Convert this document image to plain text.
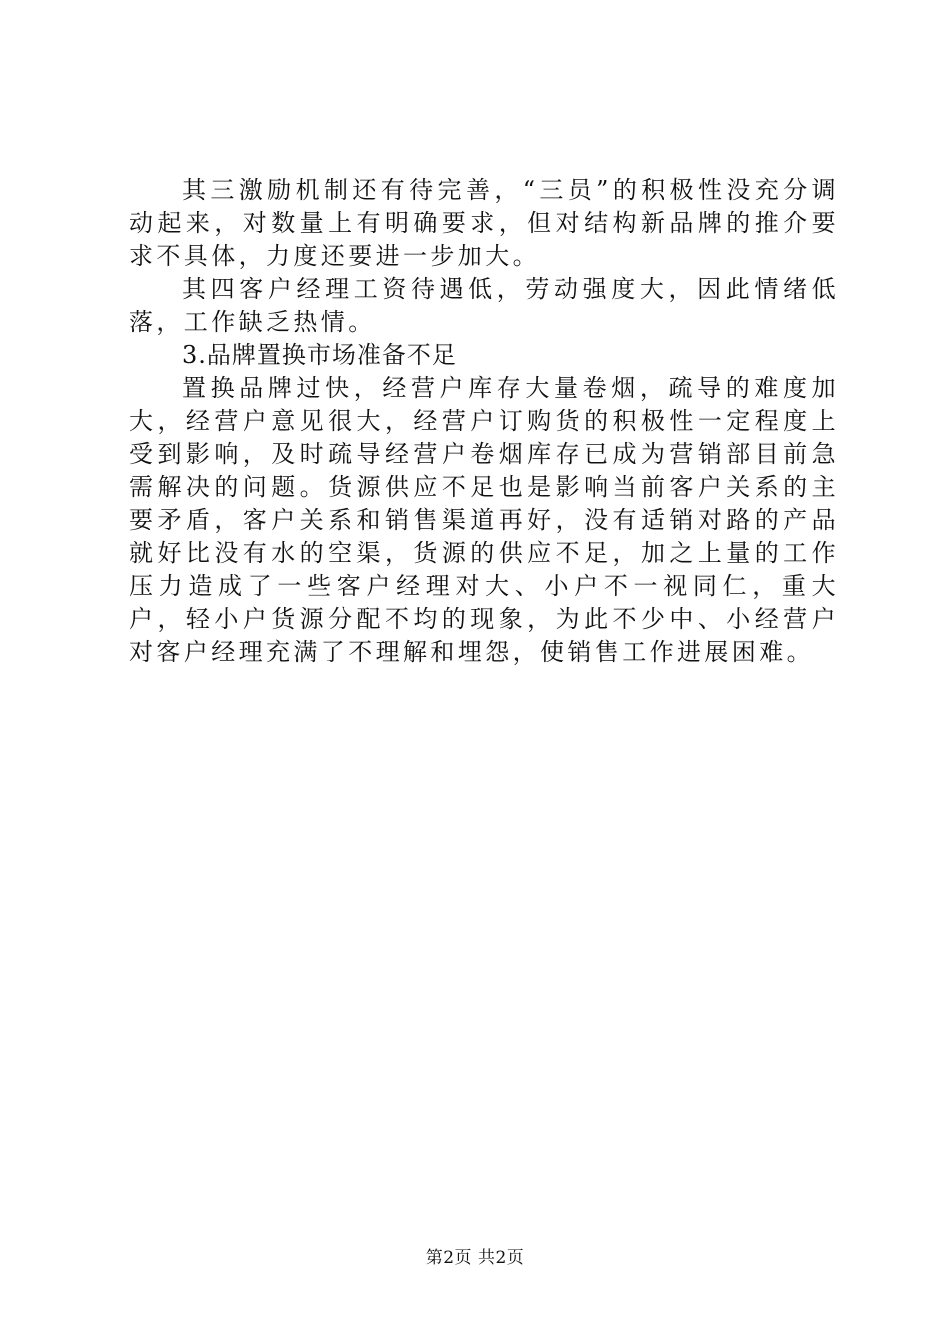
其三激励机制还有待完善，“三员”的积极性没充分调动起来，对数量上有明确要求，但对结构新品牌的推介要求不具体，力度还要进一步加大。

其四客户经理工资待遇低，劳动强度大，因此情绪低落，工作缺乏热情。

3.品牌置换市场准备不足

置换品牌过快，经营户库存大量卷烟，疏导的难度加大，经营户意见很大，经营户订购货的积极性一定程度上受到影响，及时疏导经营户卷烟库存已成为营销部目前急需解决的问题。货源供应不足也是影响当前客户关系的主要矛盾，客户关系和销售渠道再好，没有适销对路的产品就好比没有水的空渠，货源的供应不足，加之上量的工作压力造成了一些客户经理对大、小户不一视同仁，重大户，轻小户货源分配不均的现象，为此不少中、小经营户对客户经理充满了不理解和埋怨，使销售工作进展困难。

第2页 共2页
